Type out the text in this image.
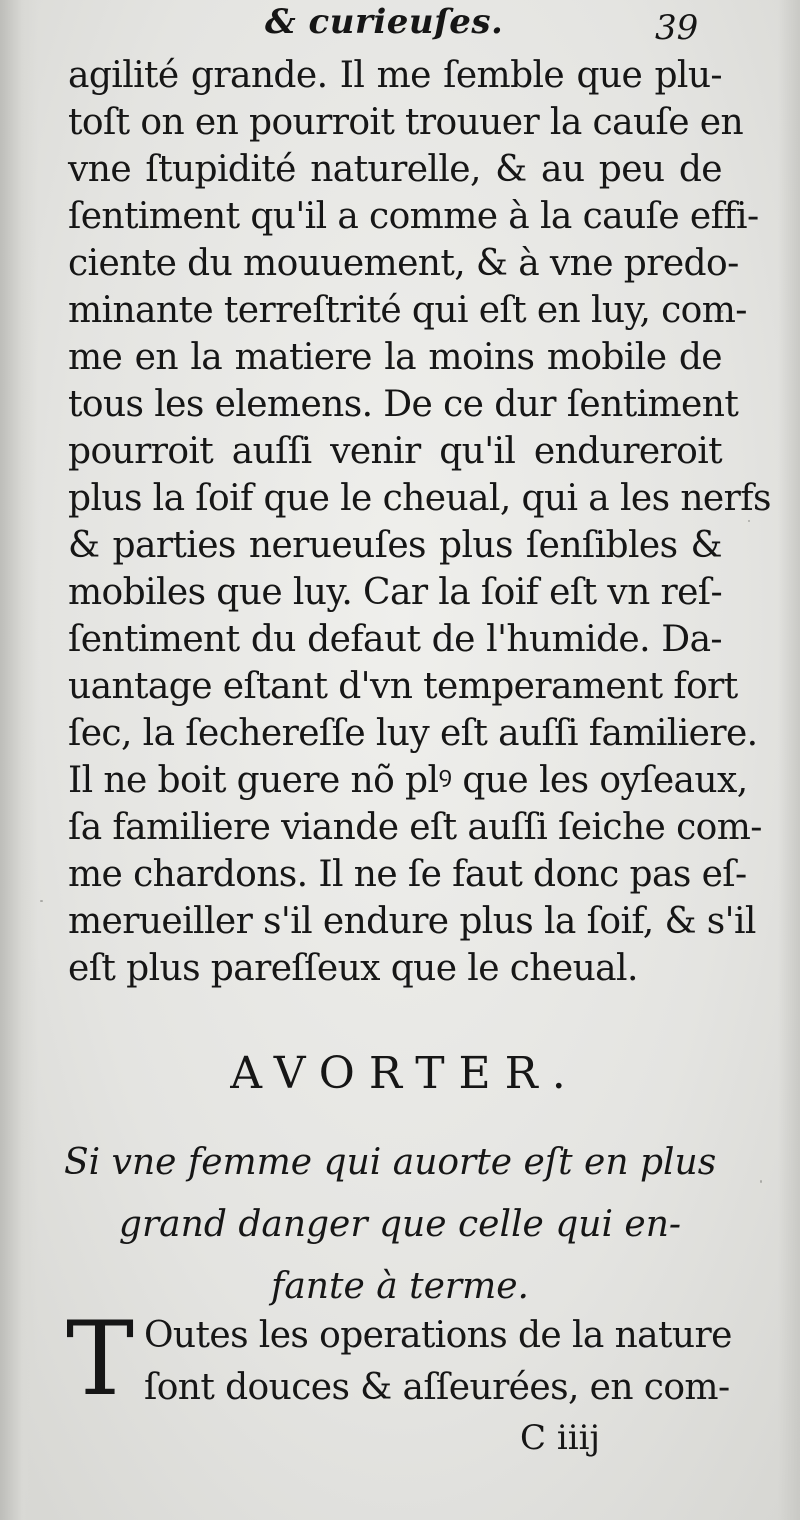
& curieuſes.	39
agilité grande. Il me ſemble que plu-
toſt on en pourroit trouuer la cauſe en
vne ſtupidité naturelle, & au peu de
ſentiment qu'il a comme à la cauſe effi-
ciente du mouuement, & à vne predo-
minante terreſtrité qui eſt en luy, com-
me en la matiere la moins mobile de
tous les elemens. De ce dur ſentiment
pourroit auſſi venir qu'il endureroit
plus la ſoif que le cheual, qui a les nerfs
& parties nerueuſes plus ſenſibles &
mobiles que luy. Car la ſoif eſt vn reſ-
ſentiment du defaut de l'humide. Da-
uantage eſtant d'vn temperament fort
ſec, la ſechereſſe luy eſt auſſi familiere.
Il ne boit guere nõ plꝰ que les oyſeaux,
ſa familiere viande eſt auſſi ſeiche com-
me chardons. Il ne ſe faut donc pas eſ-
merueiller s'il endure plus la ſoif, & s'il
eſt plus pareſſeux que le cheual.
AVORTER.
Si vne femme qui auorte eſt en plus
grand danger que celle qui en-
fante à terme.
T Outes les operations de la nature
ſont douces & aſſeurées, en com-
C iiij
